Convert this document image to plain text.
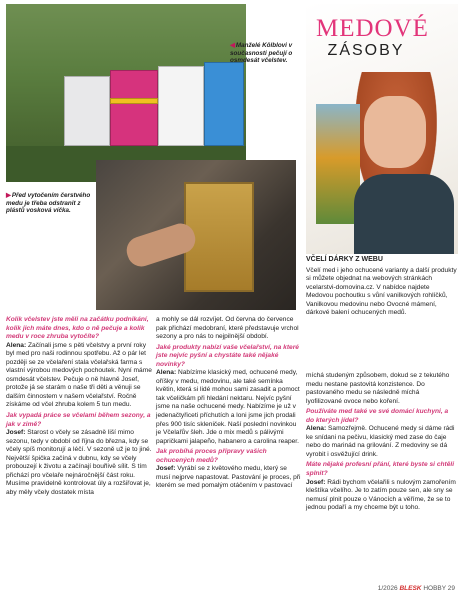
◀Manželé Kölblovi v současnosti pečují o osmdesát včelstev.
▶Před vytočením čerstvého medu je třeba odstranit z plástů vosková víčka.
MEDOVÉ
ZÁSOBY
VČELÍ DÁRKY Z WEBU
Včelí med i jeho ochucené varianty a další produkty si můžete objednat na webových stránkách vcelarstvi-domovina.cz. V nabídce najdete Medovou pochoutku s vůní vanilkových rohlíčků, Vanilkovou medovinu nebo Ovocné mámení, dárkové balení ochucených medů.

Kolik včelstev jste měli na začátku podnikání, kolik jich máte dnes, kdo o ně pečuje a kolik medu v roce zhruba vytočíte?

Alena: Začínali jsme s pěti včelstvy a první roky byl med pro naši rodinnou spotřebu. Až o pár let později se ze včelaření stala včelařská farma s vlastní výrobou medových pochoutek. Nyní máme osmdesát včelstev. Pečuje o ně hlavně Josef, protože já se starám o naše tři děti a věnuji se dalším činnostem v našem včelařství. Ročně získáme od včel zhruba kolem 5 tun medu.

Jak vypadá práce se včelami během sezony, a jak v zimě?

Josef: Starost o včely se zásadně liší mimo sezonu, tedy v období od října do března, kdy se včely spíš monitorují a léčí. V sezoně už je to jiné. Největší špička začíná v dubnu, kdy se včely probouzejí k životu a začínají bouřlivě sílit. S tím přichází pro včelaře nejnáročnější část roku. Musíme pravidelně kontrolovat úly a rozšiřovat je, aby měly včely dostatek místa

a mohly se dál rozvíjet. Od června do července pak přichází medobraní, které představuje vrchol sezony a pro nás to nejpilnější období.

Jaké produkty nabízí vaše včelařství, na které jste nejvíc pyšní a chystáte také nějaké novinky?

Alena: Nabízíme klasický med, ochucené medy, oříšky v medu, medovinu, ale také semínka květin, která si lidé mohou sami zasadit a pomoct tak včeličkám při hledání nektaru. Nejvíc pyšní jsme na naše ochucené medy. Nabízíme je už v jedenačtyřiceti příchutích a loni jsme jich prodali přes 900 tisíc skleniček. Naší poslední novinkou je Včelařův šleh. Jde o mix medů s pálivými papričkami jalapeño, habanero a carolina reaper.

Jak probíhá proces přípravy vašich ochucených medů?

Josef: Vyrábí se z květového medu, který se musí nejprve napastovat. Pastování je proces, při kterém se med pomalým otáčením v pastovací

míchá studeným způsobem, dokud se z tekutého medu nestane pastovitá konzistence. Do pastovaného medu se následně míchá lyofilizované ovoce nebo koření.

Používáte med také ve své domácí kuchyni, a do kterých jídel?

Alena: Samozřejmě. Ochucené medy si dáme rádi ke snídani na pečivu, klasický med zase do čaje nebo do marinád na grilování. Z medoviny se dá vyrobit i osvěžující drink.

Máte nějaké profesní přání, které byste si chtěli splnit?

Josef: Rádi bychom včelařili s nulovým zamořením kleštíka včelího. Je to zatím pouze sen, ale sny se nemusí plnit pouze o Vánocích a věříme, že se to jednou podaří a my chceme být u toho.

1/2026 BLESK HOBBY 29
